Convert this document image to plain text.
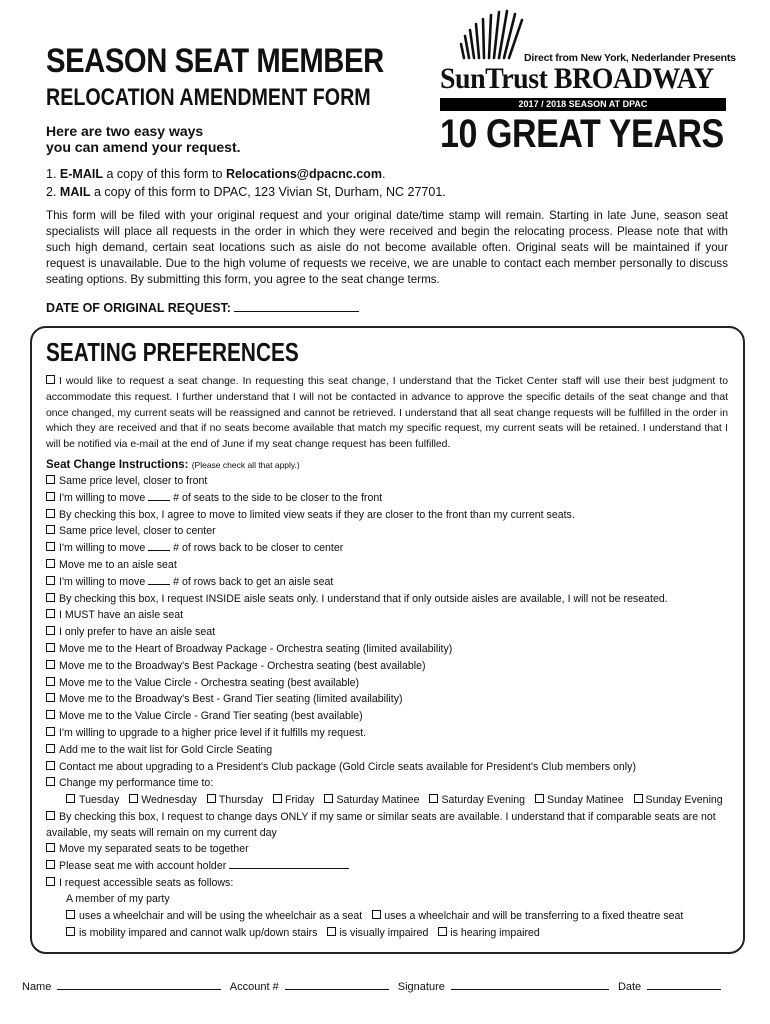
SEASON SEAT MEMBER
RELOCATION AMENDMENT FORM
Here are two easy ways
you can amend your request.
Direct from New York, Nederlander Presents
SunTrust BROADWAY
2017 / 2018 SEASON AT DPAC
10 GREAT YEARS
1. E-MAIL a copy of this form to Relocations@dpacnc.com.
2. MAIL a copy of this form to DPAC, 123 Vivian St, Durham, NC 27701.
This form will be filed with your original request and your original date/time stamp will remain. Starting in late June, season seat specialists will place all requests in the order in which they were received and begin the relocating process. Please note that with such high demand, certain seat locations such as aisle do not become available often. Original seats will be maintained if your request is unavailable. Due to the high volume of requests we receive, we are unable to contact each member personally to discuss seating options. By submitting this form, you agree to the seat change terms.
DATE OF ORIGINAL REQUEST:
SEATING PREFERENCES
I would like to request a seat change. In requesting this seat change, I understand that the Ticket Center staff will use their best judgment to accommodate this request. I further understand that I will not be contacted in advance to approve the specific details of the seat change and that once changed, my current seats will be reassigned and cannot be retrieved. I understand that all seat change requests will be fulfilled in the order in which they are received and that if no seats become available that match my specific request, my current seats will be retained. I understand that I will be notified via e-mail at the end of June if my seat change request has been fulfilled.
Seat Change Instructions: (Please check all that apply.)
Same price level, closer to front
I'm willing to move	# of seats to the side to be closer to the front
By checking this box, I agree to move to limited view seats if they are closer to the front than my current seats.
Same price level, closer to center
I'm willing to move	# of rows back to be closer to center
Move me to an aisle seat
I'm willing to move	# of rows back to get an aisle seat
By checking this box, I request INSIDE aisle seats only. I understand that if only outside aisles are available, I will not be reseated.
I MUST have an aisle seat
I only prefer to have an aisle seat
Move me to the Heart of Broadway Package - Orchestra seating (limited availability)
Move me to the Broadway's Best Package - Orchestra seating (best available)
Move me to the Value Circle - Orchestra seating (best available)
Move me to the Broadway's Best - Grand Tier seating (limited availability)
Move me to the Value Circle - Grand Tier seating (best available)
I'm willing to upgrade to a higher price level if it fulfills my request.
Add me to the wait list for Gold Circle Seating
Contact me about upgrading to a President's Club package (Gold Circle seats available for President's Club members only)
Change my performance time to:
Tuesday Wednesday Thursday Friday Saturday Matinee Saturday Evening Sunday Matinee Sunday Evening
By checking this box, I request to change days ONLY if my same or similar seats are available. I understand that if comparable seats are not available, my seats will remain on my current day
Move my separated seats to be together
Please seat me with account holder
I request accessible seats as follows:
A member of my party
uses a wheelchair and will be using the wheelchair as a seat uses a wheelchair and will be transferring to a fixed theatre seat
is mobility impared and cannot walk up/down stairs is visually impaired is hearing impaired
Name	Account #	Signature	Date
